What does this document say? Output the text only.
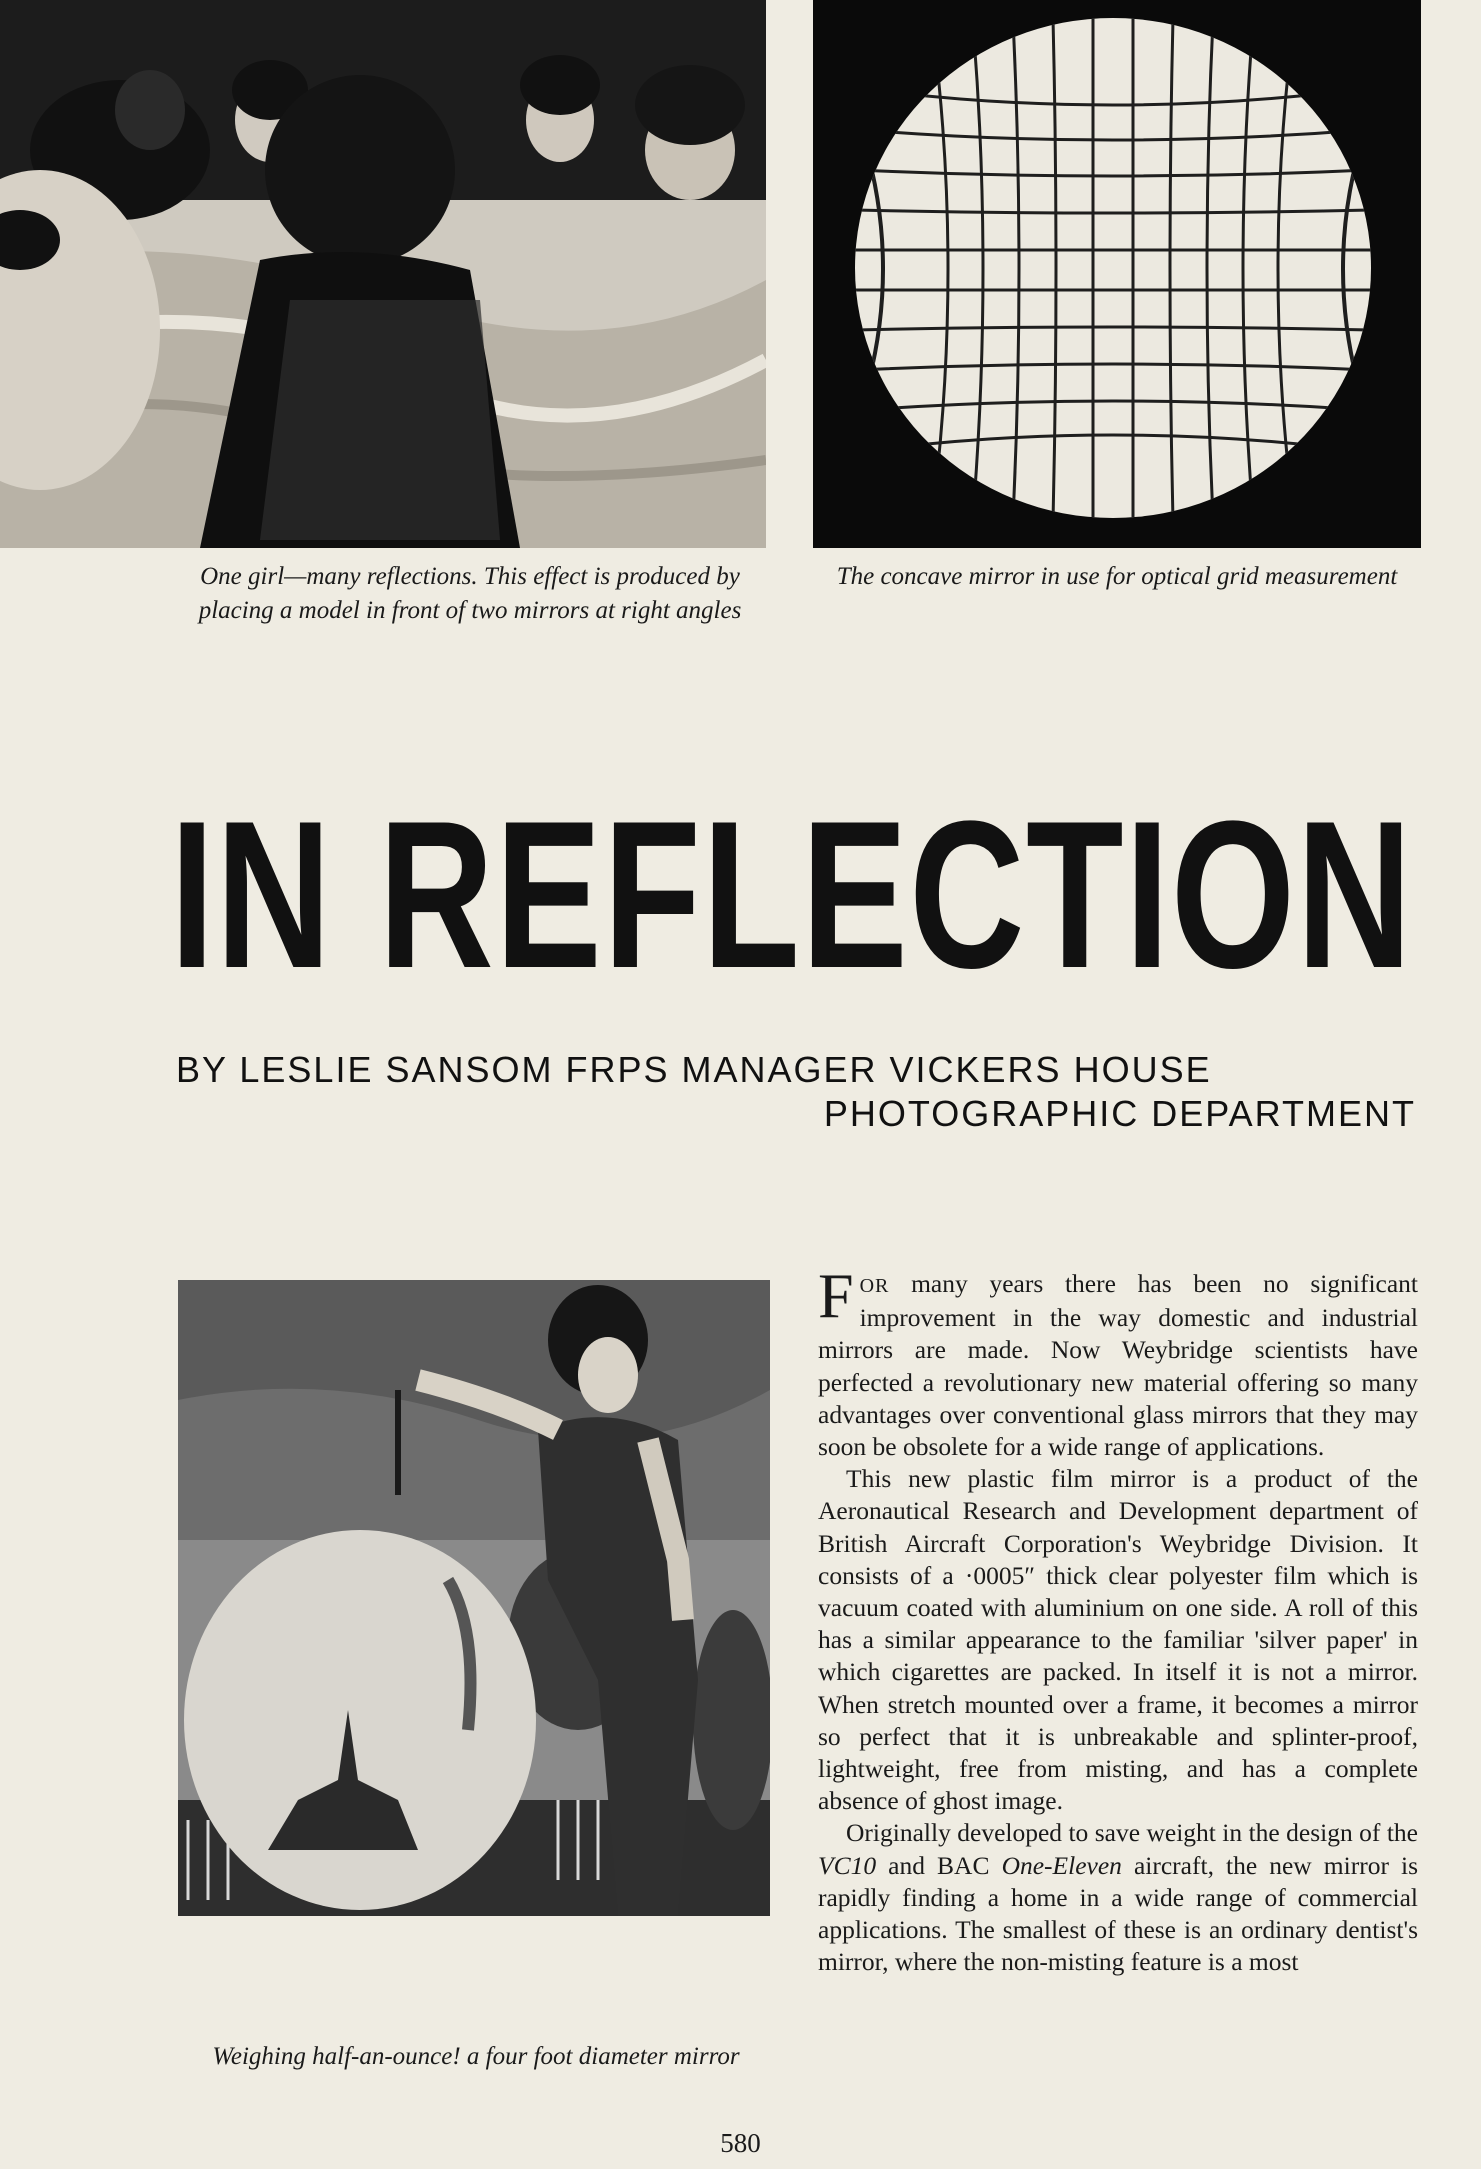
One girl—many reflections. This effect is produced by placing a model in front of two mirrors at right angles
The concave mirror in use for optical grid measurement
IN REFLECTION
BY LESLIE SANSOM FRPS MANAGER VICKERS HOUSE
PHOTOGRAPHIC DEPARTMENT
Weighing half-an-ounce! a four foot diameter mirror

FOR many years there has been no significant improvement in the way domestic and industrial mirrors are made. Now Weybridge scientists have perfected a revolutionary new material offering so many advantages over conventional glass mirrors that they may soon be obsolete for a wide range of applications.

This new plastic film mirror is a product of the Aeronautical Research and Development department of British Aircraft Corporation's Weybridge Division. It consists of a ·0005″ thick clear polyester film which is vacuum coated with aluminium on one side. A roll of this has a similar appearance to the familiar 'silver paper' in which cigarettes are packed. In itself it is not a mirror. When stretch mounted over a frame, it becomes a mirror so perfect that it is unbreakable and splinter-proof, lightweight, free from misting, and has a complete absence of ghost image.

Originally developed to save weight in the design of the VC10 and BAC One-Eleven aircraft, the new mirror is rapidly finding a home in a wide range of commercial applications. The smallest of these is an ordinary dentist's mirror, where the non-misting feature is a most

580
